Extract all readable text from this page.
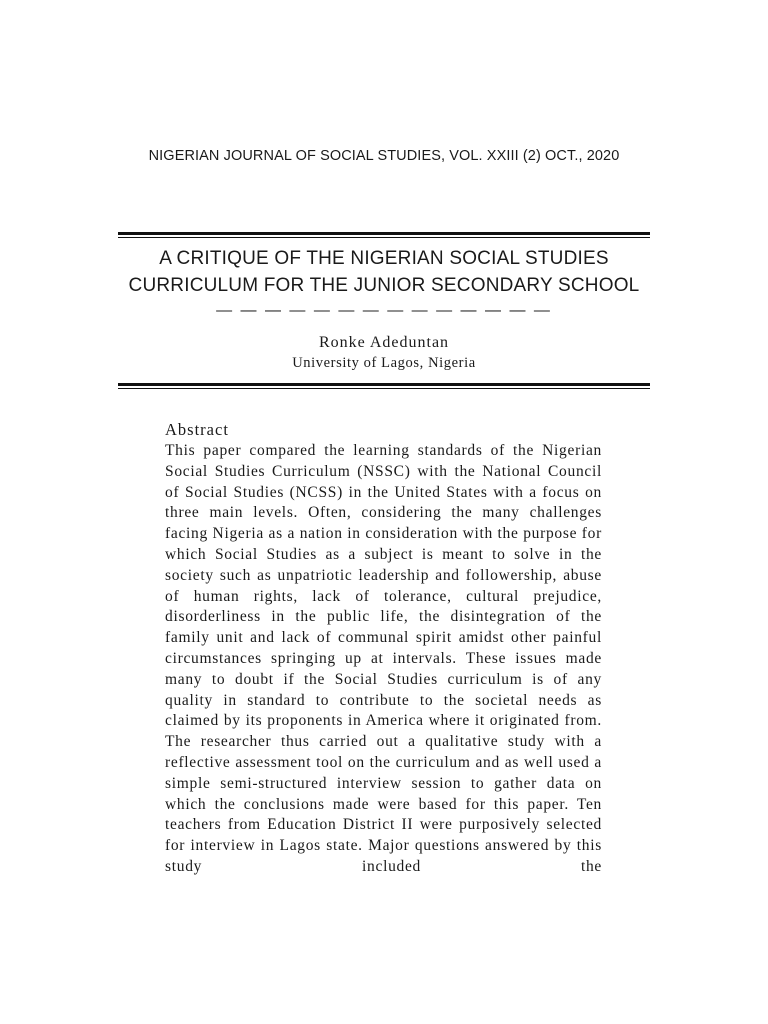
NIGERIAN JOURNAL OF SOCIAL STUDIES, VOL. XXIII (2) OCT., 2020
A CRITIQUE OF THE NIGERIAN SOCIAL STUDIES
CURRICULUM FOR THE JUNIOR SECONDARY SCHOOL
— — — — — — — — — — — — — —
Ronke Adeduntan
University of Lagos, Nigeria
Abstract

This paper compared the learning standards of the Nigerian Social Studies Curriculum (NSSC) with the National Council of Social Studies (NCSS) in the United States with a focus on three main levels. Often, considering the many challenges facing Nigeria as a nation in consideration with the purpose for which Social Studies as a subject is meant to solve in the society such as unpatriotic leadership and followership, abuse of human rights, lack of tolerance, cultural prejudice, disorderliness in the public life, the disintegration of the family unit and lack of communal spirit amidst other painful circumstances springing up at intervals. These issues made many to doubt if the Social Studies curriculum is of any quality in standard to contribute to the societal needs as claimed by its proponents in America where it originated from. The researcher thus carried out a qualitative study with a reflective assessment tool on the curriculum and as well used a simple semi-structured interview session to gather data on which the conclusions made were based for this paper. Ten teachers from Education District II were purposively selected for interview in Lagos state. Major questions answered by this study included the
